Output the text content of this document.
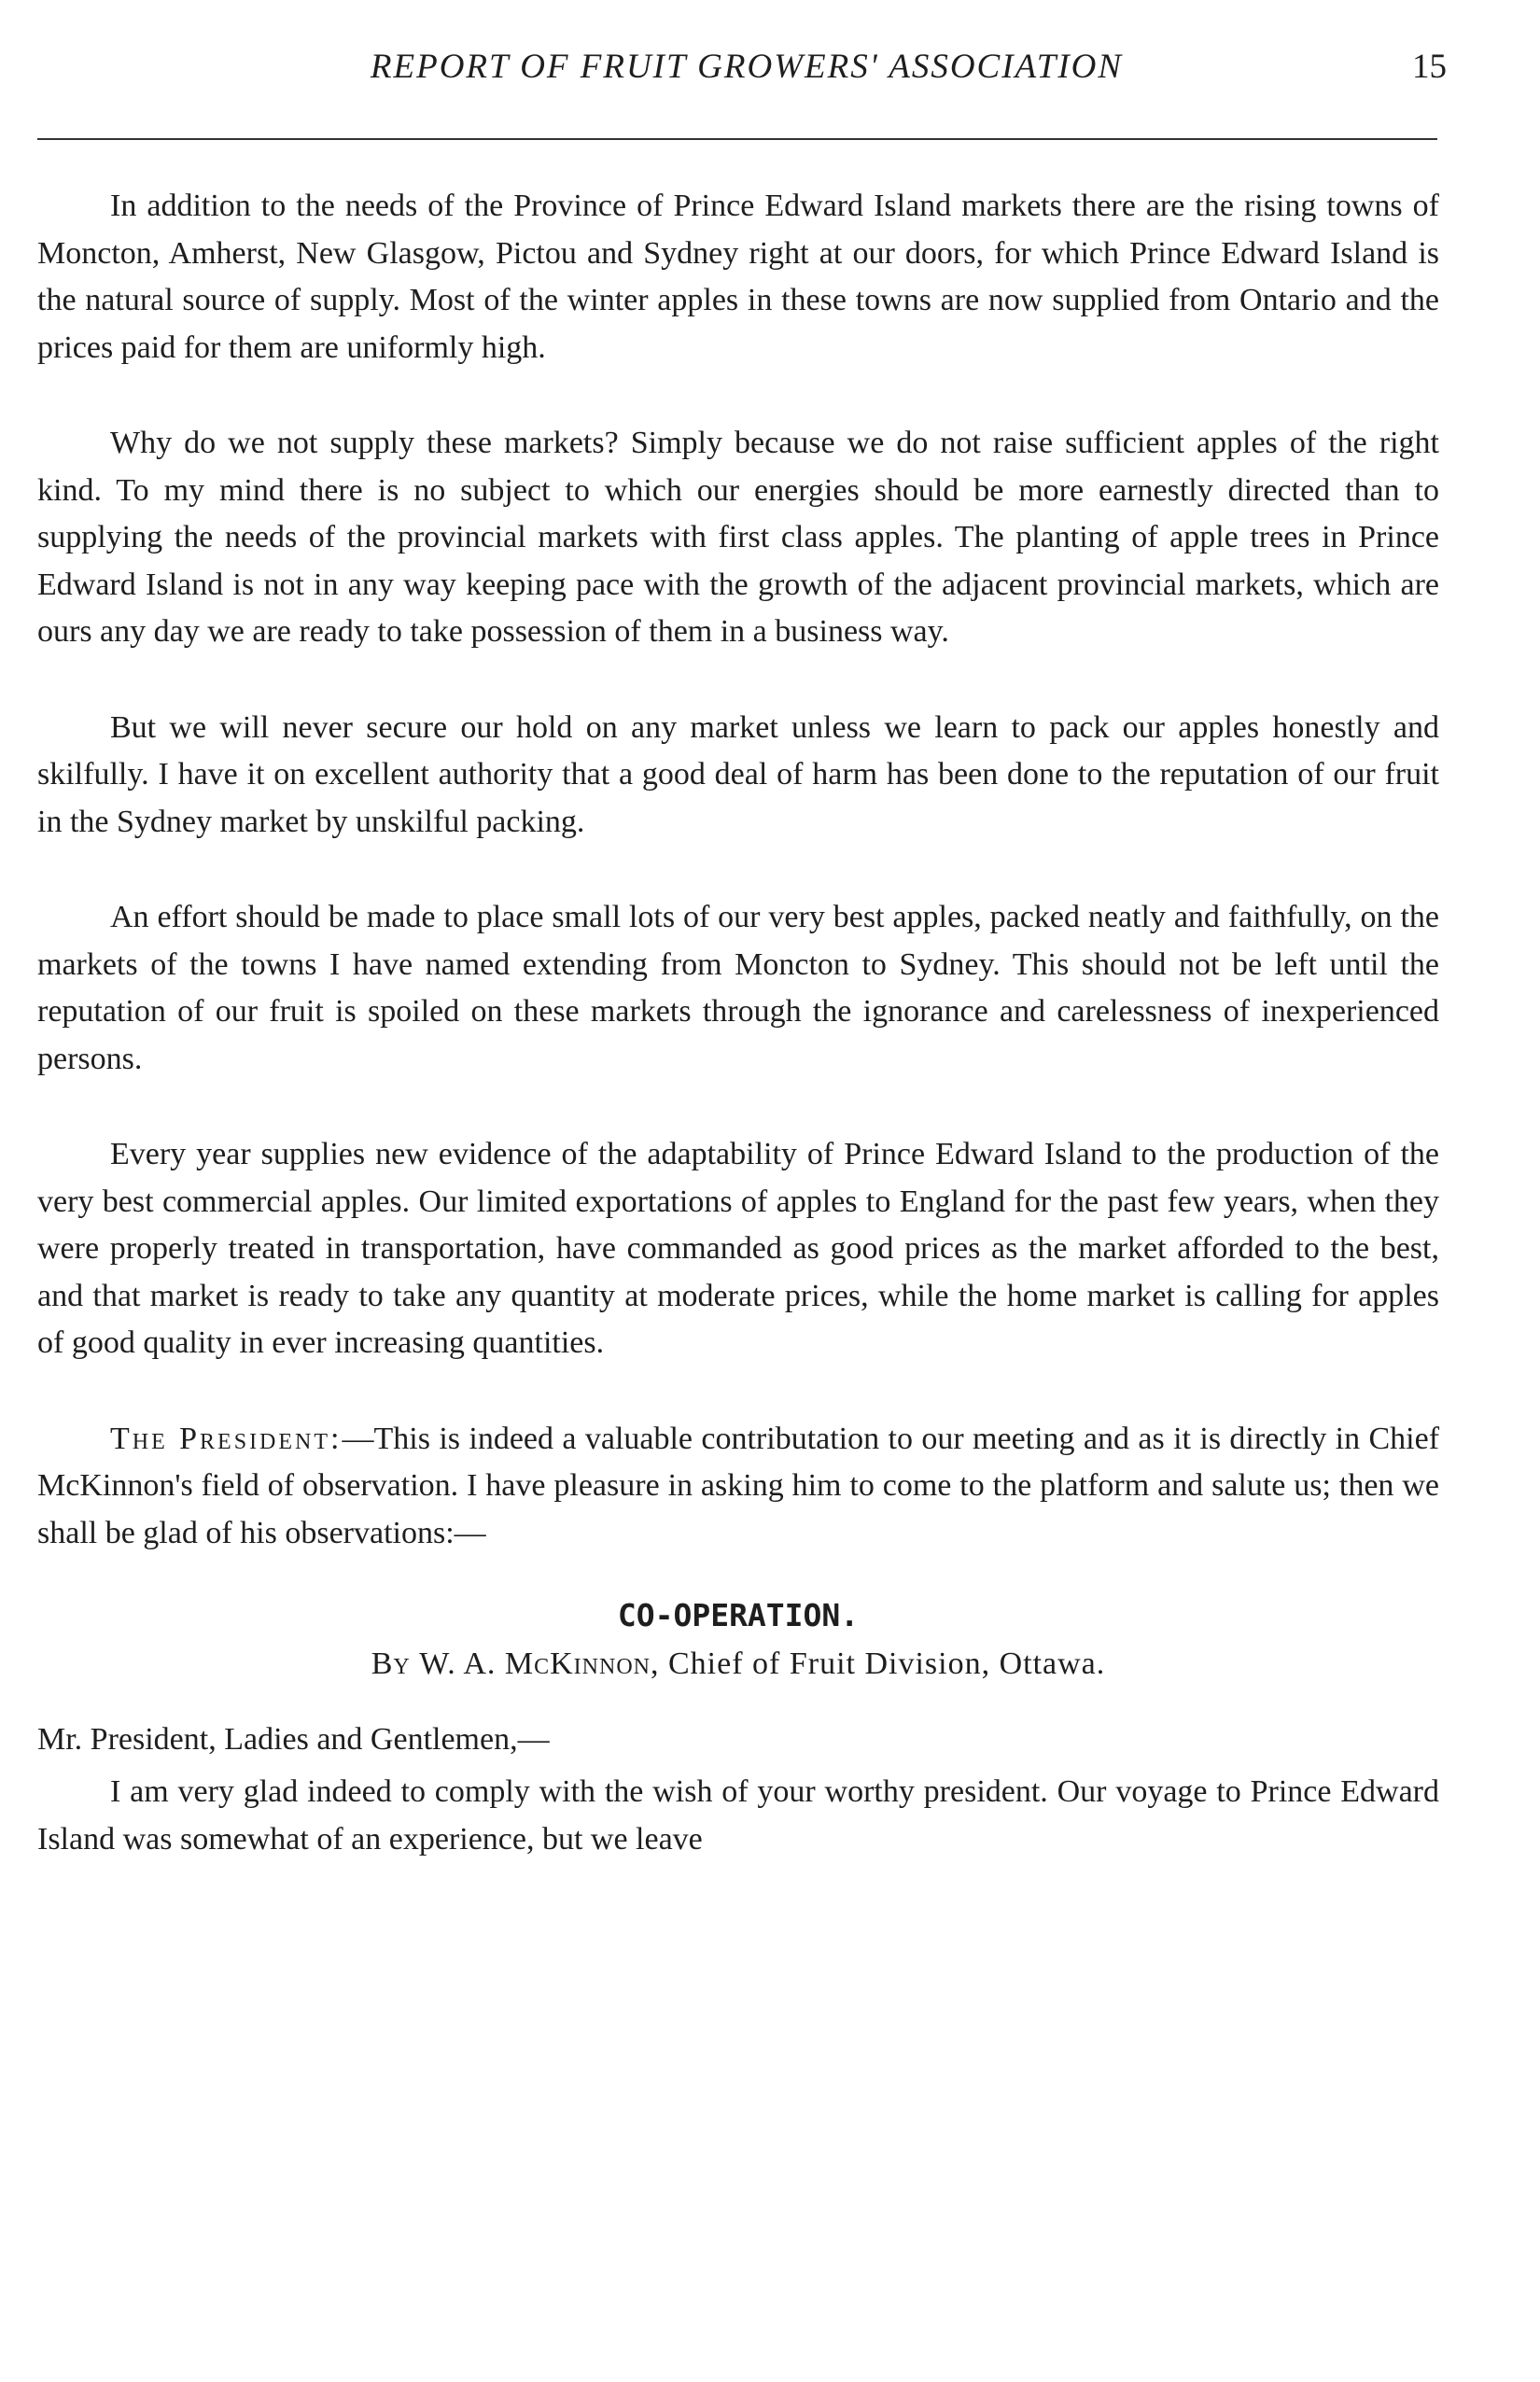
REPORT OF FRUIT GROWERS' ASSOCIATION	15

In addition to the needs of the Province of Prince Edward Island markets there are the rising towns of Moncton, Amherst, New Glasgow, Pictou and Sydney right at our doors, for which Prince Edward Island is the natural source of supply. Most of the winter apples in these towns are now supplied from Ontario and the prices paid for them are uniformly high.

Why do we not supply these markets? Simply because we do not raise sufficient apples of the right kind. To my mind there is no subject to which our energies should be more earnestly directed than to supplying the needs of the provincial markets with first class apples. The planting of apple trees in Prince Edward Island is not in any way keeping pace with the growth of the adjacent provincial markets, which are ours any day we are ready to take possession of them in a business way.

But we will never secure our hold on any market unless we learn to pack our apples honestly and skilfully. I have it on excellent authority that a good deal of harm has been done to the reputation of our fruit in the Sydney market by unskilful packing.

An effort should be made to place small lots of our very best apples, packed neatly and faithfully, on the markets of the towns I have named extending from Moncton to Sydney. This should not be left until the reputation of our fruit is spoiled on these markets through the ignorance and carelessness of inexperienced persons.

Every year supplies new evidence of the adaptability of Prince Edward Island to the production of the very best commercial apples. Our limited exportations of apples to England for the past few years, when they were properly treated in transportation, have commanded as good prices as the market afforded to the best, and that market is ready to take any quantity at moderate prices, while the home market is calling for apples of good quality in ever increasing quantities.

The President:—This is indeed a valuable contributation to our meeting and as it is directly in Chief McKinnon's field of observation. I have pleasure in asking him to come to the platform and salute us; then we shall be glad of his observations:—

CO-OPERATION.
By W. A. McKinnon, Chief of Fruit Division, Ottawa.

Mr. President, Ladies and Gentlemen,—

I am very glad indeed to comply with the wish of your worthy president. Our voyage to Prince Edward Island was somewhat of an experience, but we leave
